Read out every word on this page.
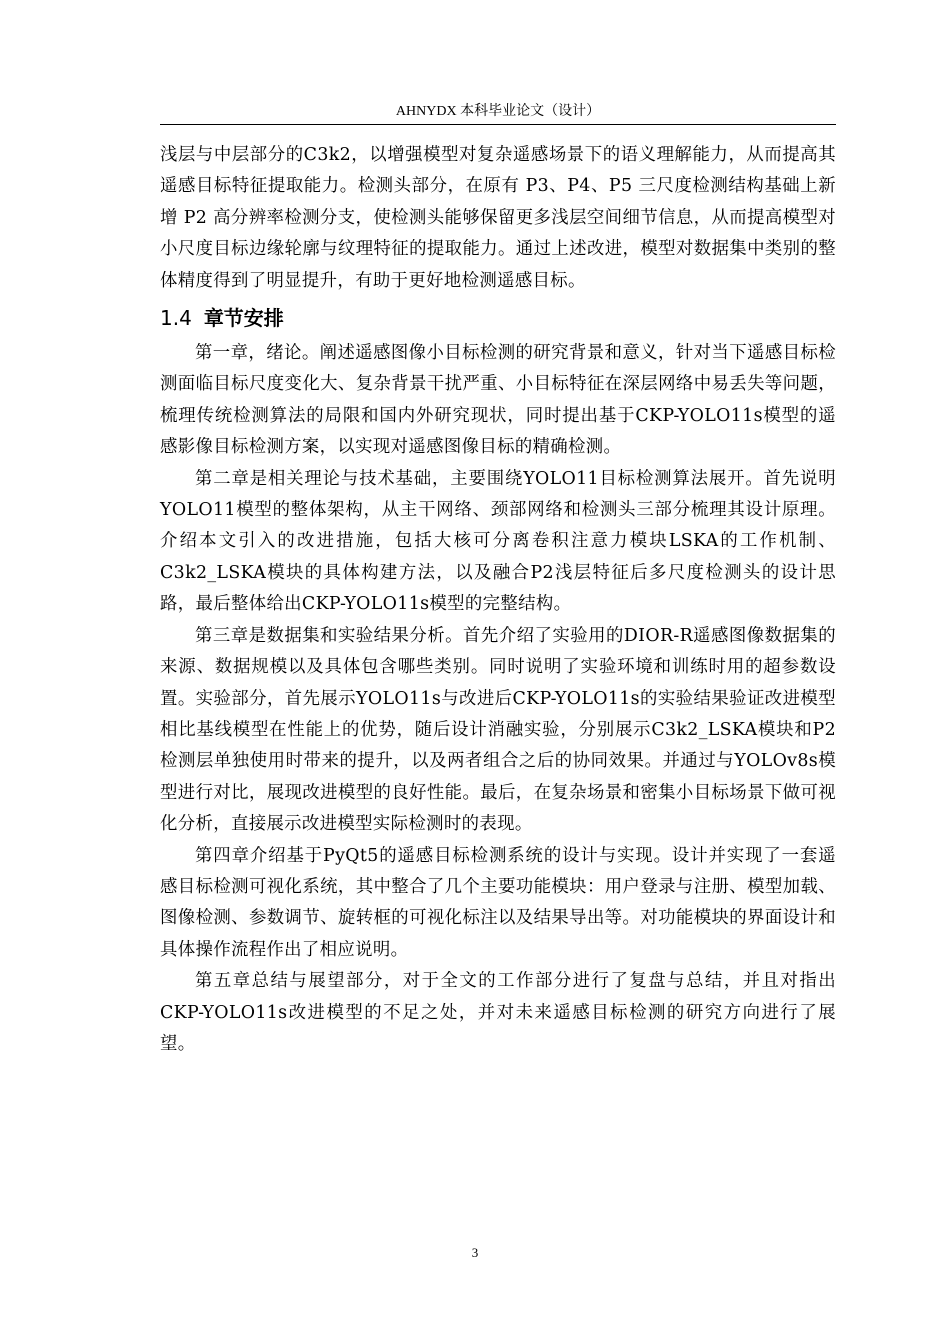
AHNYDX 本科毕业论文（设计）

浅层与中层部分的C3k2，以增强模型对复杂遥感场景下的语义理解能力，从而提高其遥感目标特征提取能力。检测头部分，在原有 P3、P4、P5 三尺度检测结构基础上新增 P2 高分辨率检测分支，使检测头能够保留更多浅层空间细节信息，从而提高模型对小尺度目标边缘轮廓与纹理特征的提取能力。通过上述改进，模型对数据集中类别的整体精度得到了明显提升，有助于更好地检测遥感目标。

1.4 章节安排

第一章，绪论。阐述遥感图像小目标检测的研究背景和意义，针对当下遥感目标检测面临目标尺度变化大、复杂背景干扰严重、小目标特征在深层网络中易丢失等问题，梳理传统检测算法的局限和国内外研究现状，同时提出基于CKP-YOLO11s模型的遥感影像目标检测方案，以实现对遥感图像目标的精确检测。

第二章是相关理论与技术基础，主要围绕YOLO11目标检测算法展开。首先说明YOLO11模型的整体架构，从主干网络、颈部网络和检测头三部分梳理其设计原理。介绍本文引入的改进措施，包括大核可分离卷积注意力模块LSKA的工作机制、C3k2_LSKA模块的具体构建方法，以及融合P2浅层特征后多尺度检测头的设计思路，最后整体给出CKP-YOLO11s模型的完整结构。

第三章是数据集和实验结果分析。首先介绍了实验用的DIOR-R遥感图像数据集的来源、数据规模以及具体包含哪些类别。同时说明了实验环境和训练时用的超参数设置。实验部分，首先展示YOLO11s与改进后CKP-YOLO11s的实验结果验证改进模型相比基线模型在性能上的优势，随后设计消融实验，分别展示C3k2_LSKA模块和P2检测层单独使用时带来的提升，以及两者组合之后的协同效果。并通过与YOLOv8s模型进行对比，展现改进模型的良好性能。最后，在复杂场景和密集小目标场景下做可视化分析，直接展示改进模型实际检测时的表现。

第四章介绍基于PyQt5的遥感目标检测系统的设计与实现。设计并实现了一套遥感目标检测可视化系统，其中整合了几个主要功能模块：用户登录与注册、模型加载、图像检测、参数调节、旋转框的可视化标注以及结果导出等。对功能模块的界面设计和具体操作流程作出了相应说明。

第五章总结与展望部分，对于全文的工作部分进行了复盘与总结，并且对指出CKP-YOLO11s改进模型的不足之处，并对未来遥感目标检测的研究方向进行了展望。

3
